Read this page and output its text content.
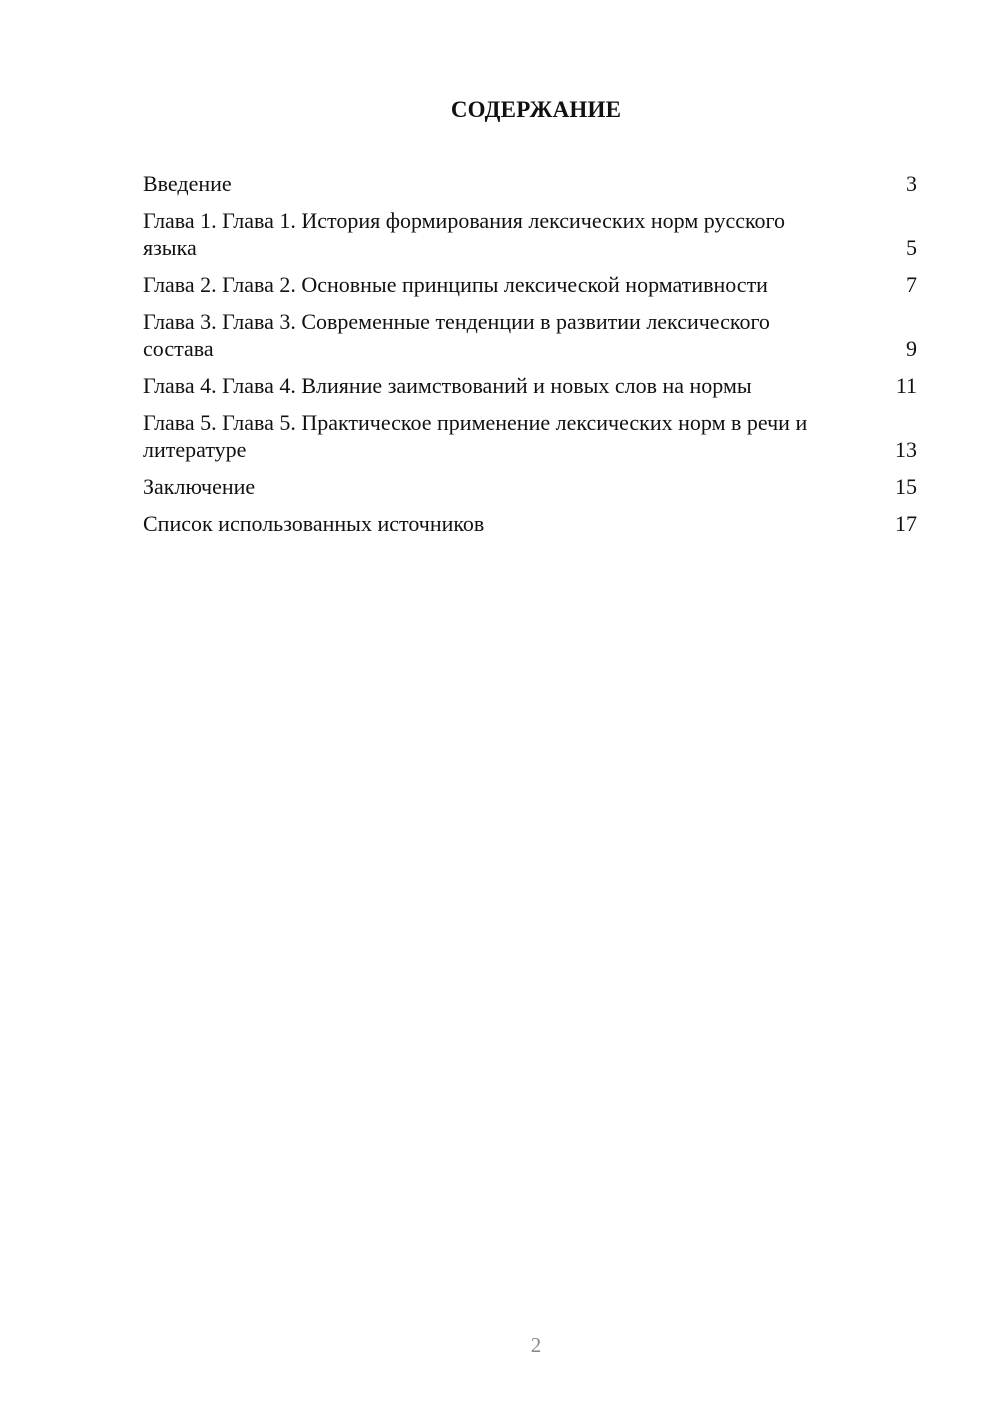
СОДЕРЖАНИЕ
Введение	3
Глава 1. Глава 1. История формирования лексических норм русского языка	5
Глава 2. Глава 2. Основные принципы лексической нормативности	7
Глава 3. Глава 3. Современные тенденции в развитии лексического состава	9
Глава 4. Глава 4. Влияние заимствований и новых слов на нормы	11
Глава 5. Глава 5. Практическое применение лексических норм в речи и литературе	13
Заключение	15
Список использованных источников	17
2
